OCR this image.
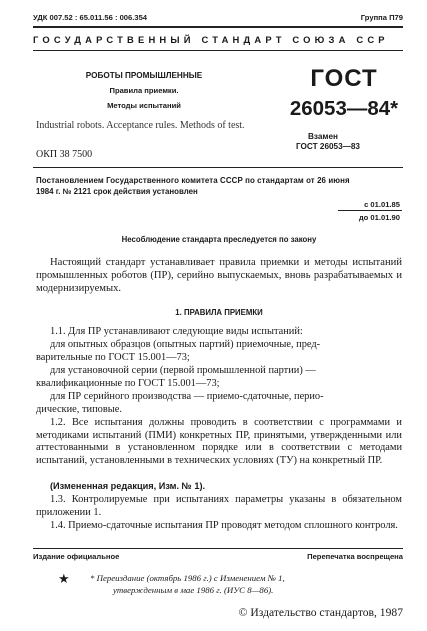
УДК 007.52 : 65.011.56 : 006.354	Группа П79
ГОСУДАРСТВЕННЫЙ СТАНДАРТ СОЮЗА ССР
РОБОТЫ ПРОМЫШЛЕННЫЕ
Правила приемки.
Методы испытаний
Industrial robots. Acceptance rules. Methods of test.
ГОСТ
26053—84*
Взамен
ГОСТ 26053—83
ОКП 38 7500
Постановлением Государственного комитета СССР по стандартам от 26 июня
1984 г. № 2121 срок действия установлен
с 01.01.85
до 01.01.90
Несоблюдение стандарта преследуется по закону
Настоящий стандарт устанавливает правила приемки и методы испытаний промышленных роботов (ПР), серийно выпускаемых, вновь разрабатываемых и модернизируемых.
1. ПРАВИЛА ПРИЕМКИ
1.1. Для ПР устанавливают следующие виды испытаний:
для опытных образцов (опытных партий) приемочные, пред-
варительные по ГОСТ 15.001—73;
для установочной серии (первой промышленной партии) —
квалификационные по ГОСТ 15.001—73;
для ПР серийного производства — приемо-сдаточные, перио-
дические, типовые.
1.2. Все испытания должны проводить в соответствии с программами и методиками испытаний (ПМИ) конкретных ПР, принятыми, утвержденными или аттестованными в установленном порядке или в соответствии с методами испытаний, установленными в технических условиях (ТУ) на конкретный ПР.
(Измененная редакция, Изм. № 1).
1.3. Контролируемые при испытаниях параметры указаны в обязательном приложении 1.
1.4. Приемо-сдаточные испытания ПР проводят методом сплошного контроля.
Издание официальное	Перепечатка воспрещена
★ * Переиздание (октябрь 1986 г.) с Изменением № 1,
утвержденным в мае 1986 г. (ИУС 8—86).
© Издательство стандартов, 1987
